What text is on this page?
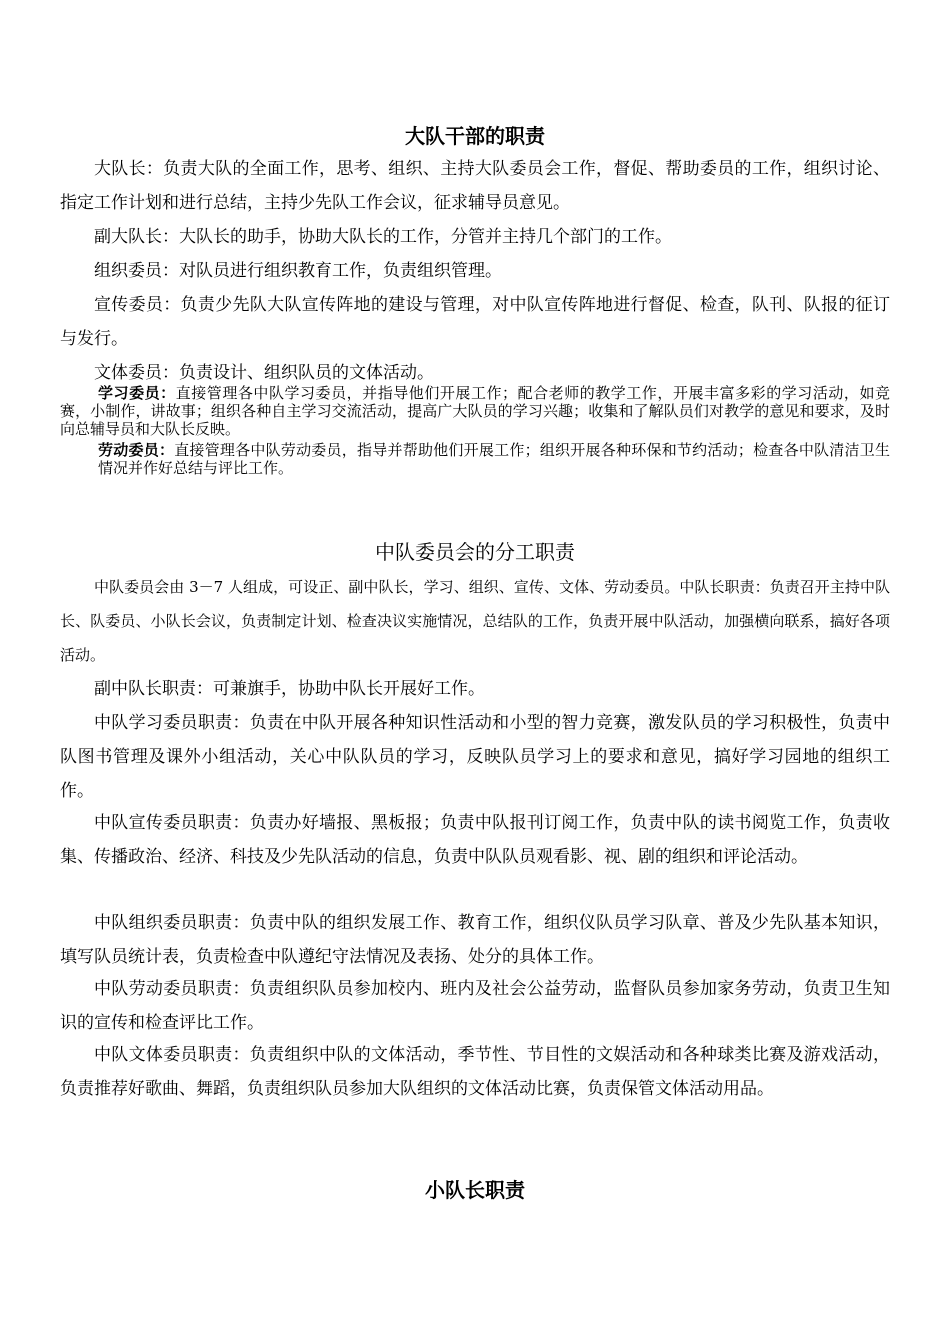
大队干部的职责

大队长：负责大队的全面工作，思考、组织、主持大队委员会工作，督促、帮助委员的工作，组织讨论、指定工作计划和进行总结，主持少先队工作会议，征求辅导员意见。

副大队长：大队长的助手，协助大队长的工作，分管并主持几个部门的工作。

组织委员：对队员进行组织教育工作，负责组织管理。

宣传委员：负责少先队大队宣传阵地的建设与管理，对中队宣传阵地进行督促、检查，队刊、队报的征订与发行。

文体委员：负责设计、组织队员的文体活动。

学习委员：直接管理各中队学习委员，并指导他们开展工作；配合老师的教学工作，开展丰富多彩的学习活动，如竞赛，小制作，讲故事；组织各种自主学习交流活动，提高广大队员的学习兴趣；收集和了解队员们对教学的意见和要求，及时向总辅导员和大队长反映。

劳动委员：直接管理各中队劳动委员，指导并帮助他们开展工作；组织开展各种环保和节约活动；检查各中队清洁卫生情况并作好总结与评比工作。

中队委员会的分工职责

中队委员会由 3－7 人组成，可设正、副中队长，学习、组织、宣传、文体、劳动委员。中队长职责：负责召开主持中队长、队委员、小队长会议，负责制定计划、检查决议实施情况，总结队的工作，负责开展中队活动，加强横向联系，搞好各项活动。

副中队长职责：可兼旗手，协助中队长开展好工作。

中队学习委员职责：负责在中队开展各种知识性活动和小型的智力竞赛，激发队员的学习积极性，负责中队图书管理及课外小组活动，关心中队队员的学习，反映队员学习上的要求和意见，搞好学习园地的组织工作。

中队宣传委员职责：负责办好墙报、黑板报；负责中队报刊订阅工作，负责中队的读书阅览工作，负责收集、传播政治、经济、科技及少先队活动的信息，负责中队队员观看影、视、剧的组织和评论活动。

中队组织委员职责：负责中队的组织发展工作、教育工作，组织仪队员学习队章、普及少先队基本知识，填写队员统计表，负责检查中队遵纪守法情况及表扬、处分的具体工作。

中队劳动委员职责：负责组织队员参加校内、班内及社会公益劳动，监督队员参加家务劳动，负责卫生知识的宣传和检查评比工作。

中队文体委员职责：负责组织中队的文体活动，季节性、节目性的文娱活动和各种球类比赛及游戏活动，负责推荐好歌曲、舞蹈，负责组织队员参加大队组织的文体活动比赛，负责保管文体活动用品。

小队长职责
